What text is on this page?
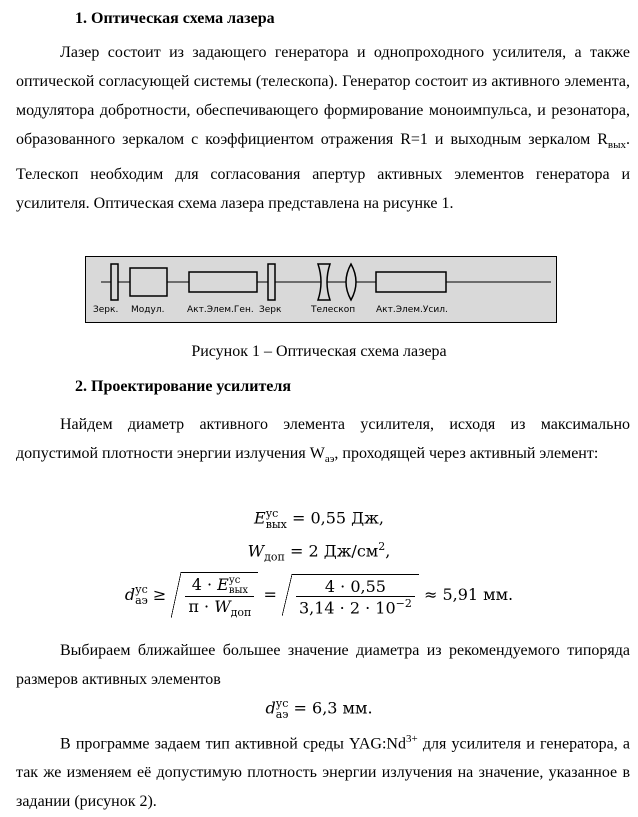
1. Оптическая схема лазера
Лазер состоит из задающего генератора и однопроходного усилителя, а также оптической согласующей системы (телескопа). Генератор состоит из активного элемента, модулятора добротности, обеспечивающего формирование моноимпульса, и резонатора, образованного зеркалом с коэффициентом отражения R=1 и выходным зеркалом $R_{вых}$. Телескоп необходим для согласования апертур активных элементов генератора и усилителя. Оптическая схема лазера представлена на рисунке 1.
Зерк. Модул.	Акт.Элем.Ген. Зерк	Телескоп Акт.Элем.Усил.
Рисунок 1 – Оптическая схема лазера
2. Проектирование усилителя
Найдем диаметр активного элемента усилителя, исходя из максимально допустимой плотности энергии излучения $W_{аэ}$, проходящей через активный элемент:
E ус
вых = 0,55 Дж,
$W_{доп} = 2$ $Дж/см^2$,
d ус
аэ ≥ 4 · E ус
вых
$\pi \cdot W_{доп} = \frac{4 \cdot 0,55}{3,14 \cdot 2 \cdot 10^{-2}} \approx 5,91$ мм.
Выбираем ближайшее большее значение диаметра из рекомендуемого типоряда размеров активных элементов
d ус
аэ = 6,3 мм.
В программе задаем тип активной среды $YAG:Nd^{3+}$ для усилителя и генератора, а так же изменяем её допустимую плотность энергии излучения на значение, указанное в задании (рисунок 2).
